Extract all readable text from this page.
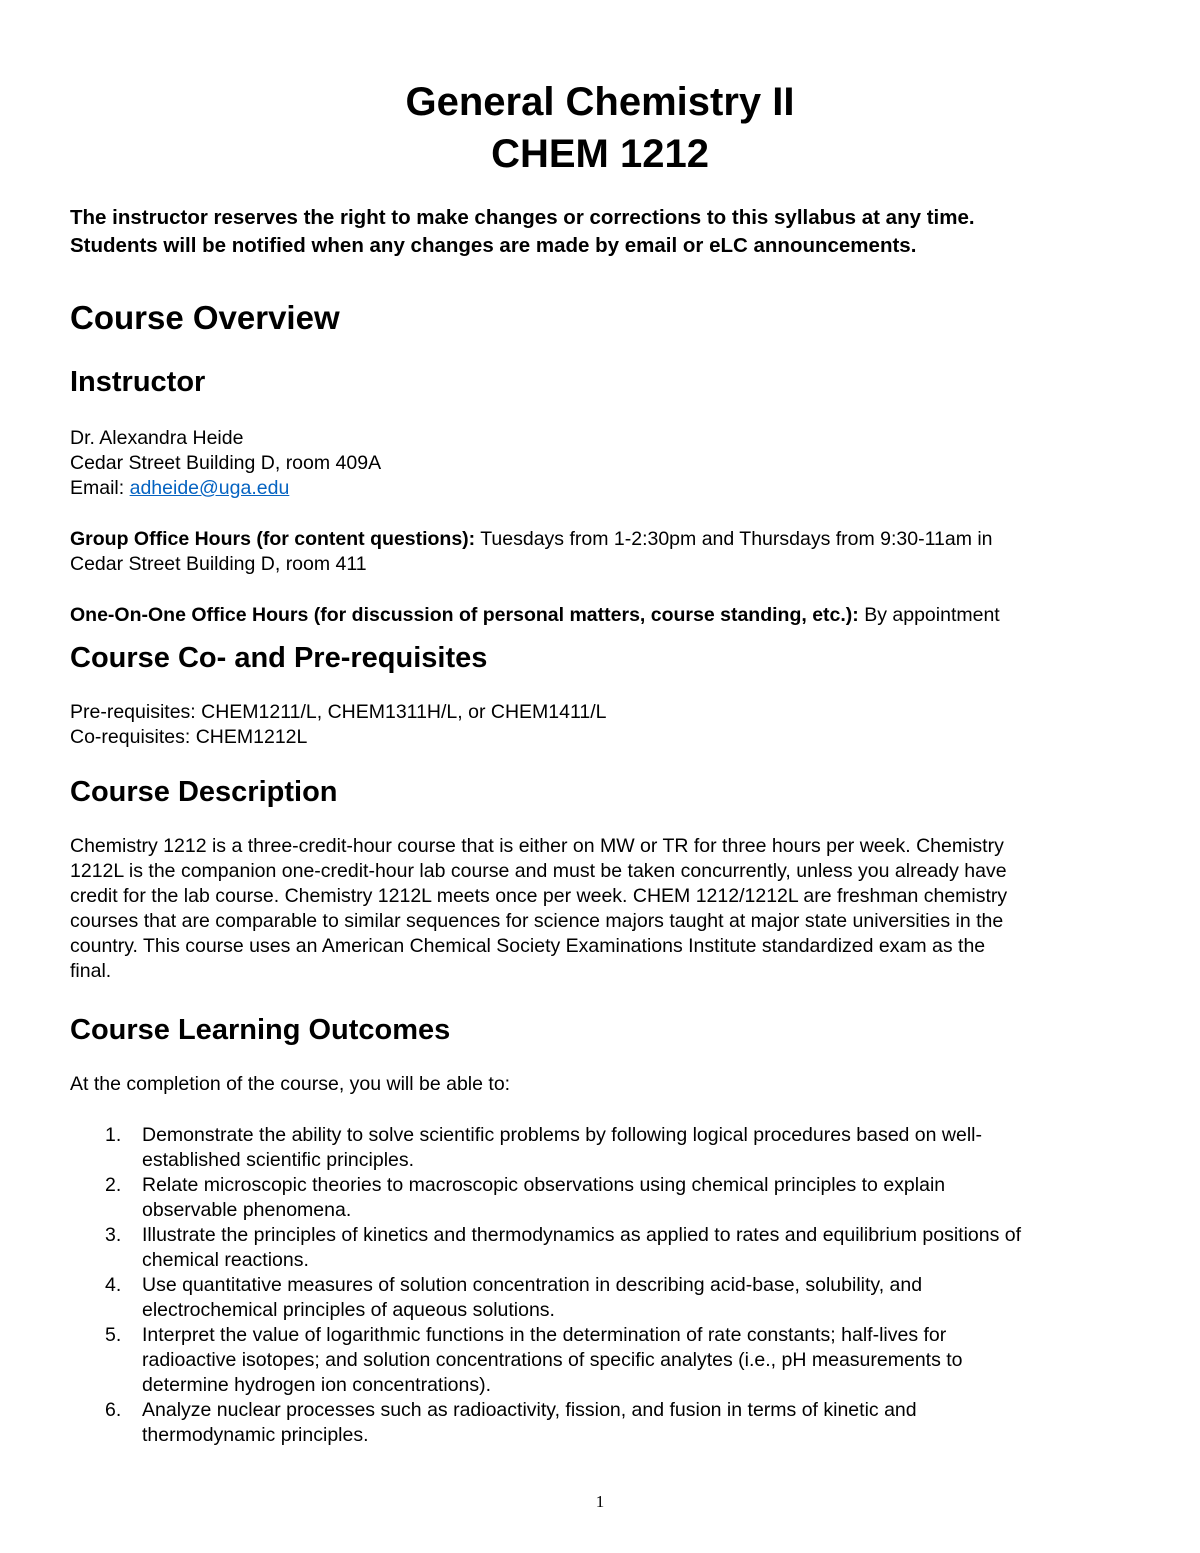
General Chemistry II
CHEM 1212
The instructor reserves the right to make changes or corrections to this syllabus at any time.
Students will be notified when any changes are made by email or eLC announcements.
Course Overview
Instructor
Dr. Alexandra Heide
Cedar Street Building D, room 409A
Email: adheide@uga.edu
Group Office Hours (for content questions): Tuesdays from 1-2:30pm and Thursdays from 9:30-11am in
Cedar Street Building D, room 411
One-On-One Office Hours (for discussion of personal matters, course standing, etc.): By appointment
Course Co- and Pre-requisites
Pre-requisites: CHEM1211/L, CHEM1311H/L, or CHEM1411/L
Co-requisites: CHEM1212L
Course Description
Chemistry 1212 is a three-credit-hour course that is either on MW or TR for three hours per week. Chemistry
1212L is the companion one-credit-hour lab course and must be taken concurrently, unless you already have
credit for the lab course. Chemistry 1212L meets once per week. CHEM 1212/1212L are freshman chemistry
courses that are comparable to similar sequences for science majors taught at major state universities in the
country. This course uses an American Chemical Society Examinations Institute standardized exam as the
final.
Course Learning Outcomes
At the completion of the course, you will be able to:
1. Demonstrate the ability to solve scientific problems by following logical procedures based on well-
established scientific principles.
2. Relate microscopic theories to macroscopic observations using chemical principles to explain
observable phenomena.
3. Illustrate the principles of kinetics and thermodynamics as applied to rates and equilibrium positions of
chemical reactions.
4. Use quantitative measures of solution concentration in describing acid-base, solubility, and
electrochemical principles of aqueous solutions.
5. Interpret the value of logarithmic functions in the determination of rate constants; half-lives for
radioactive isotopes; and solution concentrations of specific analytes (i.e., pH measurements to
determine hydrogen ion concentrations).
6. Analyze nuclear processes such as radioactivity, fission, and fusion in terms of kinetic and
thermodynamic principles.
1
